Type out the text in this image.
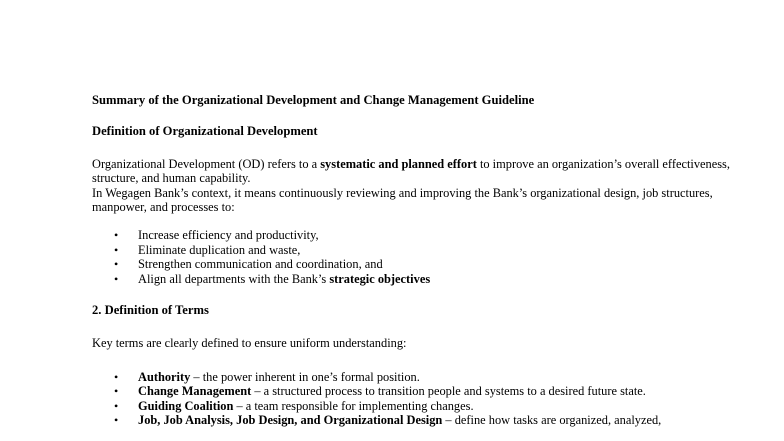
Summary of the Organizational Development and Change Management Guideline

Definition of Organizational Development

Organizational Development (OD) refers to a systematic and planned effort to improve an organization’s overall effectiveness, structure, and human capability.

In Wegagen Bank’s context, it means continuously reviewing and improving the Bank’s organizational design, job structures, manpower, and processes to:

• Increase efficiency and productivity,
• Eliminate duplication and waste,
• Strengthen communication and coordination, and
• Align all departments with the Bank’s strategic objectives

2. Definition of Terms

Key terms are clearly defined to ensure uniform understanding:

• Authority – the power inherent in one’s formal position.
• Change Management – a structured process to transition people and systems to a desired future state.
• Guiding Coalition – a team responsible for implementing changes.
• Job, Job Analysis, Job Design, and Organizational Design – define how tasks are organized, analyzed,
